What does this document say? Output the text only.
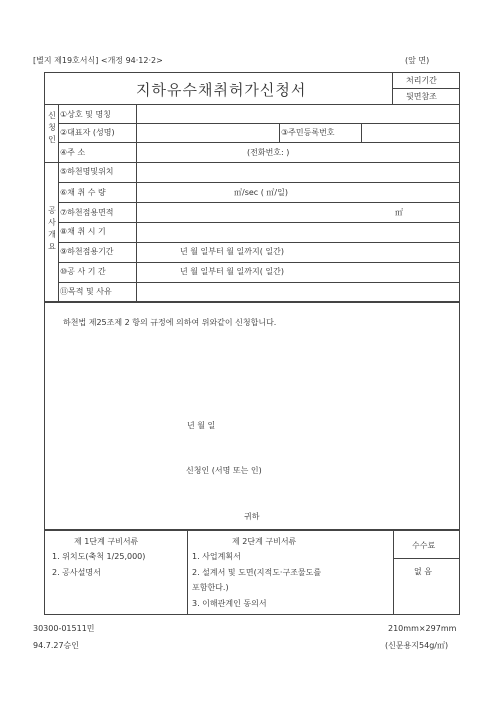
[별지 제19호서식] <개정 94·12·2>	(앞 면)
지하유수채취허가신청서
처리기간
뒷면참조
신청인
①상호 및 명칭
②대표자 (성명)	③주민등록번호
④주 소	(전화번호: )
공사개요
⑤하천명및위치
⑥채 취 수 량	㎥/sec ( ㎥/일)
⑦하천점용면적	㎡
⑧채 취 시 기
⑨하천점용기간	년 월 일부터 월 일까지( 일간)
⑩공 사 기 간	년 월 일부터 월 일까지( 일간)
⑪목적 및 사유
하천법 제25조제 2 항의 규정에 의하여 위와같이 신청합니다.
년 월 일
신청인 (서명 또는 인)
귀하
제 1단계 구비서류
1. 위치도(축척 1/25,000)
2. 공사설명서
제 2단계 구비서류
1. 사업계획서
2. 설계서 및 도면(지적도·구조물도를
포함한다.)
3. 이해관계인 동의서
수수료
없 음
30300-01511민	210mm×297mm
94.7.27승인	(신문용지54g/㎡)
